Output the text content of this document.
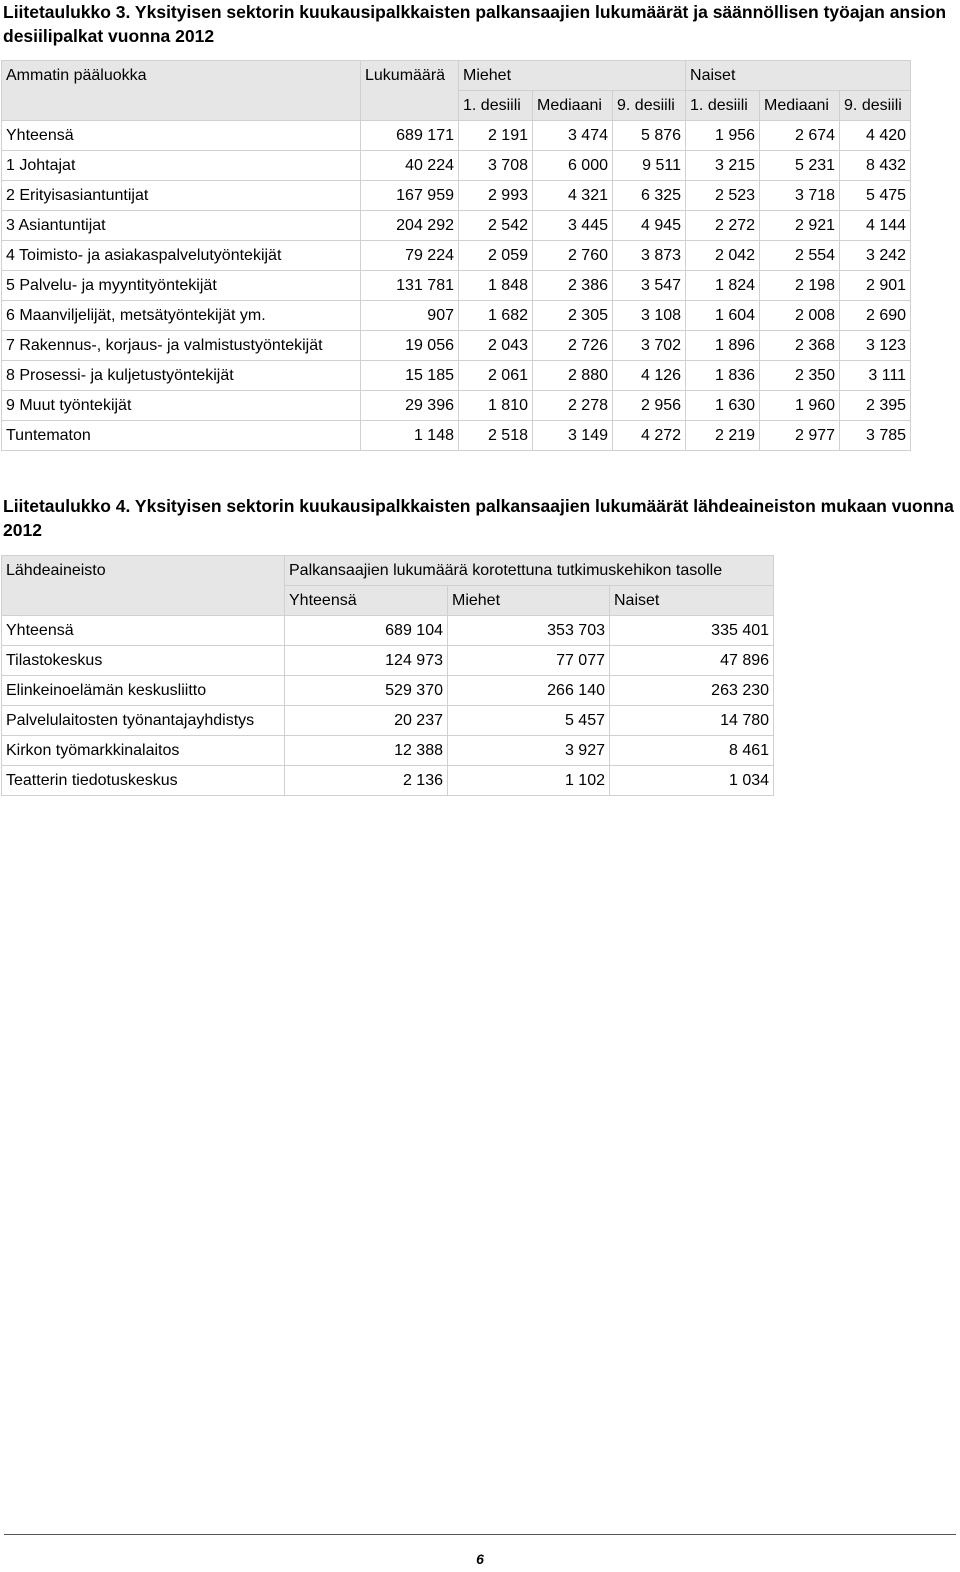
Liitetaulukko 3. Yksityisen sektorin kuukausipalkkaisten palkansaajien lukumäärät ja säännöllisen työajan ansion desiilipalkat vuonna 2012
Ammatin pääluokka	Lukumäärä	Miehet			Naiset		
		1. desiili	Mediaani	9. desiili	1. desiili	Mediaani	9. desiili
Yhteensä	689 171	2 191	3 474	5 876	1 956	2 674	4 420
1 Johtajat	40 224	3 708	6 000	9 511	3 215	5 231	8 432
2 Erityisasiantuntijat	167 959	2 993	4 321	6 325	2 523	3 718	5 475
3 Asiantuntijat	204 292	2 542	3 445	4 945	2 272	2 921	4 144
4 Toimisto- ja asiakaspalvelutyöntekijät	79 224	2 059	2 760	3 873	2 042	2 554	3 242
5 Palvelu- ja myyntityöntekijät	131 781	1 848	2 386	3 547	1 824	2 198	2 901
6 Maanviljelijät, metsätyöntekijät ym.	907	1 682	2 305	3 108	1 604	2 008	2 690
7 Rakennus-, korjaus- ja valmistustyöntekijät	19 056	2 043	2 726	3 702	1 896	2 368	3 123
8 Prosessi- ja kuljetustyöntekijät	15 185	2 061	2 880	4 126	1 836	2 350	3 111
9 Muut työntekijät	29 396	1 810	2 278	2 956	1 630	1 960	2 395
Tuntematon	1 148	2 518	3 149	4 272	2 219	2 977	3 785
Liitetaulukko 4. Yksityisen sektorin kuukausipalkkaisten palkansaajien lukumäärät lähdeaineiston mukaan vuonna 2012
Lähdeaineisto	Palkansaajien lukumäärä korotettuna tutkimuskehikon tasolle		
	Yhteensä	Miehet	Naiset
Yhteensä	689 104	353 703	335 401
Tilastokeskus	124 973	77 077	47 896
Elinkeinoelämän keskusliitto	529 370	266 140	263 230
Palvelulaitosten työnantajayhdistys	20 237	5 457	14 780
Kirkon työmarkkinalaitos	12 388	3 927	8 461
Teatterin tiedotuskeskus	2 136	1 102	1 034
6
